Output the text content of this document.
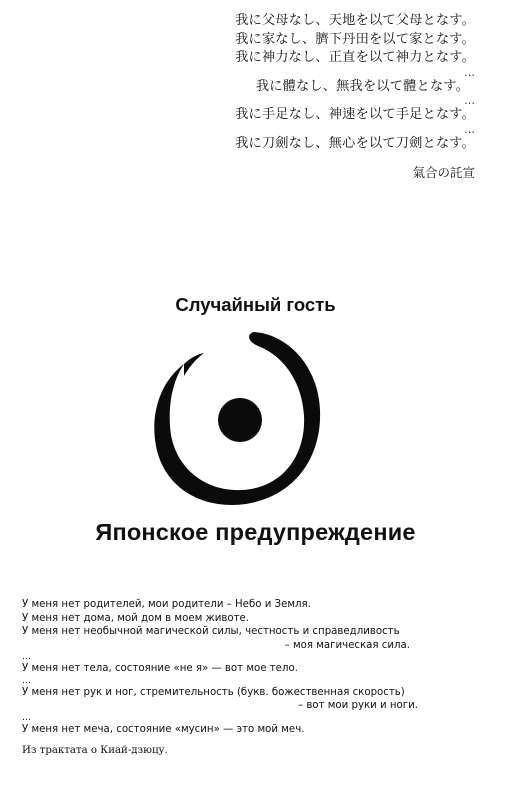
我に父母なし、天地を以て父母となす。
我に家なし、臍下丹田を以て家となす。
我に神力なし、正直を以て神力となす。
…
我に體なし、無我を以て體となす。
…
我に手足なし、神速を以て手足となす。
…
我に刀劍なし、無心を以て刀劍となす。
氣合の託宣
Случайный гость
Японское предупреждение
У меня нет родителей, мои родители – Небо и Земля.
У меня нет дома, мой дом в моем животе.
У меня нет необычной магической силы, честность и справедливость
– моя магическая сила.
…
У меня нет тела, состояние «не я» — вот мое тело.
…
У меня нет рук и ног, стремительность (букв. божественная скорость)
– вот мои руки и ноги.
…
У меня нет меча, состояние «мусин» — это мой меч.
Из трактата о Киай-дзюцу.
